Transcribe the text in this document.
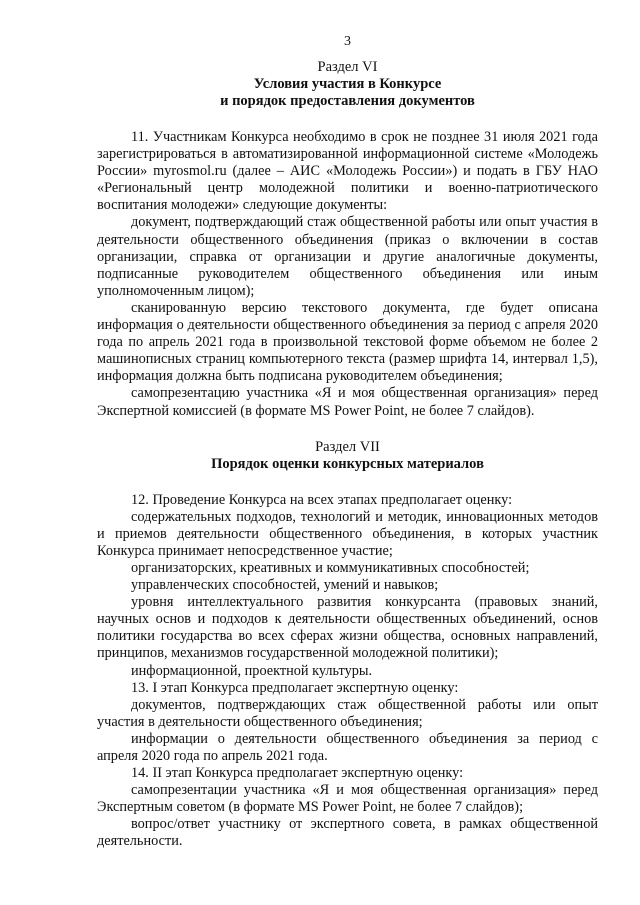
3
Раздел VI
Условия участия в Конкурсе
и порядок предоставления документов

11. Участникам Конкурса необходимо в срок не позднее 31 июля 2021 года зарегистрироваться в автоматизированной информационной системе «Молодежь России» myrosmol.ru (далее – АИС «Молодежь России») и подать в ГБУ НАО «Региональный центр молодежной политики и военно-патриотического воспитания молодежи» следующие документы:

документ, подтверждающий стаж общественной работы или опыт участия в деятельности общественного объединения (приказ о включении в состав организации, справка от организации и другие аналогичные документы, подписанные руководителем общественного объединения или иным уполномоченным лицом);

сканированную версию текстового документа, где будет описана информация о деятельности общественного объединения за период с апреля 2020 года по апрель 2021 года в произвольной текстовой форме объемом не более 2 машинописных страниц компьютерного текста (размер шрифта 14, интервал 1,5), информация должна быть подписана руководителем объединения;

самопрезентацию участника «Я и моя общественная организация» перед Экспертной комиссией (в формате MS Power Point, не более 7 слайдов).

Раздел VII
Порядок оценки конкурсных материалов

12. Проведение Конкурса на всех этапах предполагает оценку:

содержательных подходов, технологий и методик, инновационных методов и приемов деятельности общественного объединения, в которых участник Конкурса принимает непосредственное участие;

организаторских, креативных и коммуникативных способностей;

управленческих способностей, умений и навыков;

уровня интеллектуального развития конкурсанта (правовых знаний, научных основ и подходов к деятельности общественных объединений, основ политики государства во всех сферах жизни общества, основных направлений, принципов, механизмов государственной молодежной политики);

информационной, проектной культуры.

13. I этап Конкурса предполагает экспертную оценку:

документов, подтверждающих стаж общественной работы или опыт участия в деятельности общественного объединения;

информации о деятельности общественного объединения за период с апреля 2020 года по апрель 2021 года.

14. II этап Конкурса предполагает экспертную оценку:

самопрезентации участника «Я и моя общественная организация» перед Экспертным советом (в формате MS Power Point, не более 7 слайдов);

вопрос/ответ участнику от экспертного совета, в рамках общественной деятельности.
